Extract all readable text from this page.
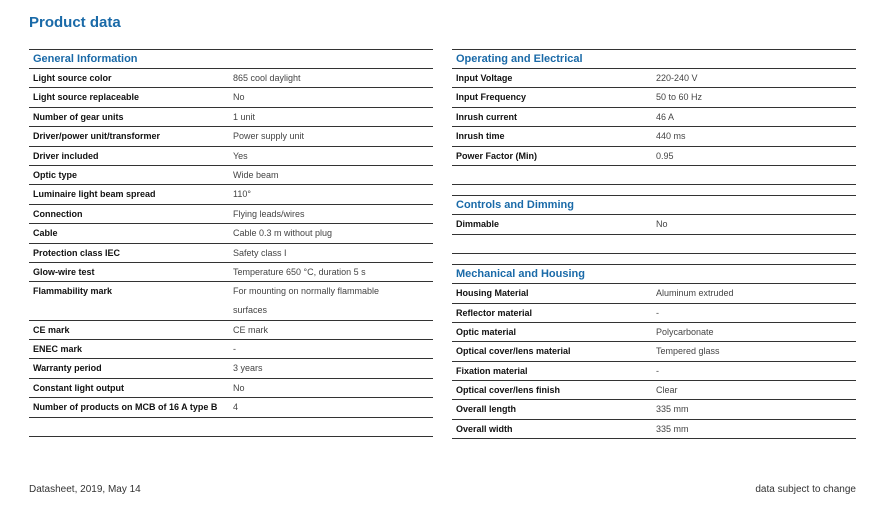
Product data
General Information
Light source color	865 cool daylight
Light source replaceable	No
Number of gear units	1 unit
Driver/power unit/transformer	Power supply unit
Driver included	Yes
Optic type	Wide beam
Luminaire light beam spread	110°
Connection	Flying leads/wires
Cable	Cable 0.3 m without plug
Protection class IEC	Safety class I
Glow-wire test	Temperature 650 °C, duration 5 s
Flammability mark	For mounting on normally flammable
surfaces
CE mark	CE mark
ENEC mark	-
Warranty period	3 years
Constant light output	No
Number of products on MCB of 16 A type B	4
Operating and Electrical
Input Voltage	220-240 V
Input Frequency	50 to 60 Hz
Inrush current	46 A
Inrush time	440 ms
Power Factor (Min)	0.95
Controls and Dimming
Dimmable	No
Mechanical and Housing
Housing Material	Aluminum extruded
Reflector material	-
Optic material	Polycarbonate
Optical cover/lens material	Tempered glass
Fixation material	-
Optical cover/lens finish	Clear
Overall length	335 mm
Overall width	335 mm
Datasheet, 2019, May 14	data subject to change
